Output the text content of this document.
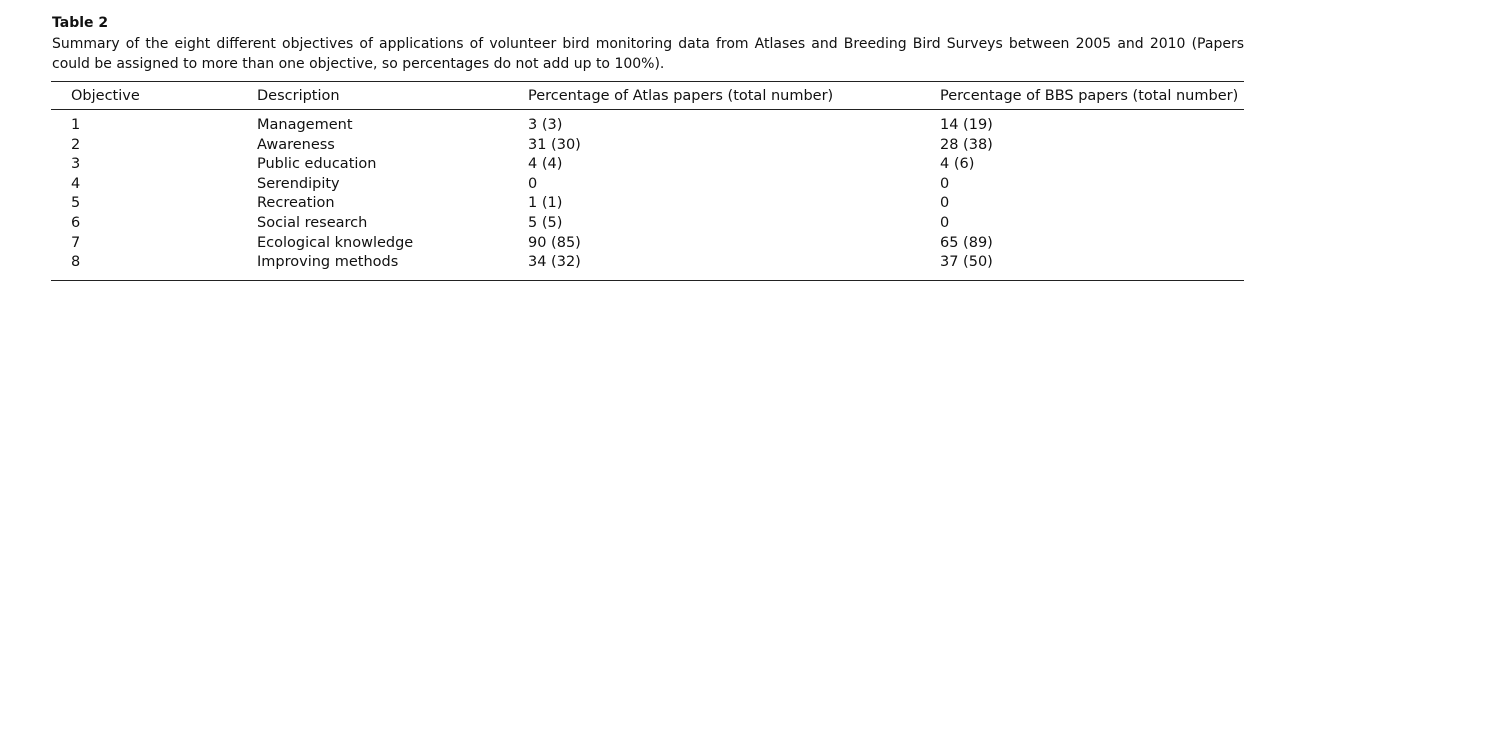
Table 2
Summary of the eight different objectives of applications of volunteer bird monitoring data from Atlases and Breeding Bird Surveys between 2005 and 2010 (Papers could be assigned to more than one objective, so percentages do not add up to 100%).
Objective	Description	Percentage of Atlas papers (total number)	Percentage of BBS papers (total number)
1	Management	3 (3)	14 (19)
2	Awareness	31 (30)	28 (38)
3	Public education	4 (4)	4 (6)
4	Serendipity	0	0
5	Recreation	1 (1)	0
6	Social research	5 (5)	0
7	Ecological knowledge	90 (85)	65 (89)
8	Improving methods	34 (32)	37 (50)
